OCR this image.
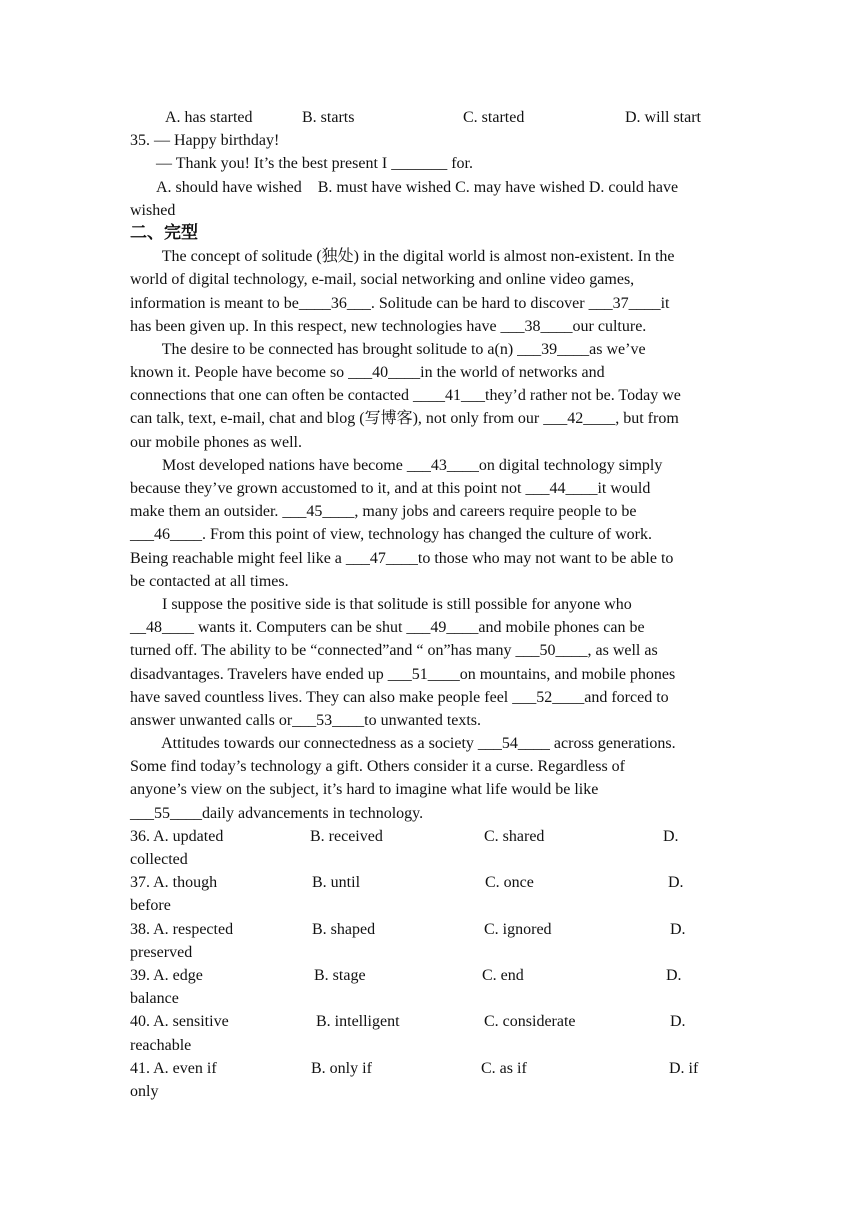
A. has started

	B. starts

	C. started

	D. will start

35. — Happy birthday!
— Thank you! It’s the best present I _______ for.
A. should have wished    B. must have wished C. may have wished D. could have
wished
二、完型
The concept of solitude (独处) in the digital world is almost non-existent. In the
world of digital technology, e-mail, social networking and online video games,
information is meant to be____36___. Solitude can be hard to discover ___37____it
has been given up. In this respect, new technologies have ___38____our culture.
The desire to be connected has brought solitude to a(n) ___39____as we’ve
known it. People have become so ___40____in the world of networks and
connections that one can often be contacted ____41___they’d rather not be. Today we
can talk, text, e-mail, chat and blog (写博客), not only from our ___42____, but from
our mobile phones as well.
Most developed nations have become ___43____on digital technology simply
because they’ve grown accustomed to it, and at this point not ___44____it would
make them an outsider. ___45____, many jobs and careers require people to be
___46____. From this point of view, technology has changed the culture of work.
Being reachable might feel like a ___47____to those who may not want to be able to
be contacted at all times.
I suppose the positive side is that solitude is still possible for anyone who
__48____ wants it. Computers can be shut ___49____and mobile phones can be
turned off. The ability to be “connected”and “ on”has many ___50____, as well as
disadvantages. Travelers have ended up ___51____on mountains, and mobile phones
have saved countless lives. They can also make people feel ___52____and forced to
answer unwanted calls or___53____to unwanted texts.
Attitudes towards our connectedness as a society ___54____ across generations.
Some find today’s technology a gift. Others consider it a curse. Regardless of
anyone’s view on the subject, it’s hard to imagine what life would be like
___55____daily advancements in technology.

36. A. updated

	B. received

	C. shared

	D.

collected

37. A. though

	B. until

	C. once

	D.

before

38. A. respected

	B. shaped

	C. ignored

	D.

preserved

39. A. edge

	B. stage

	C. end

	D.

balance

40. A. sensitive

	B. intelligent

	C. considerate

	D.

reachable

41. A. even if

	B. only if

	C. as if

	D. if

only
